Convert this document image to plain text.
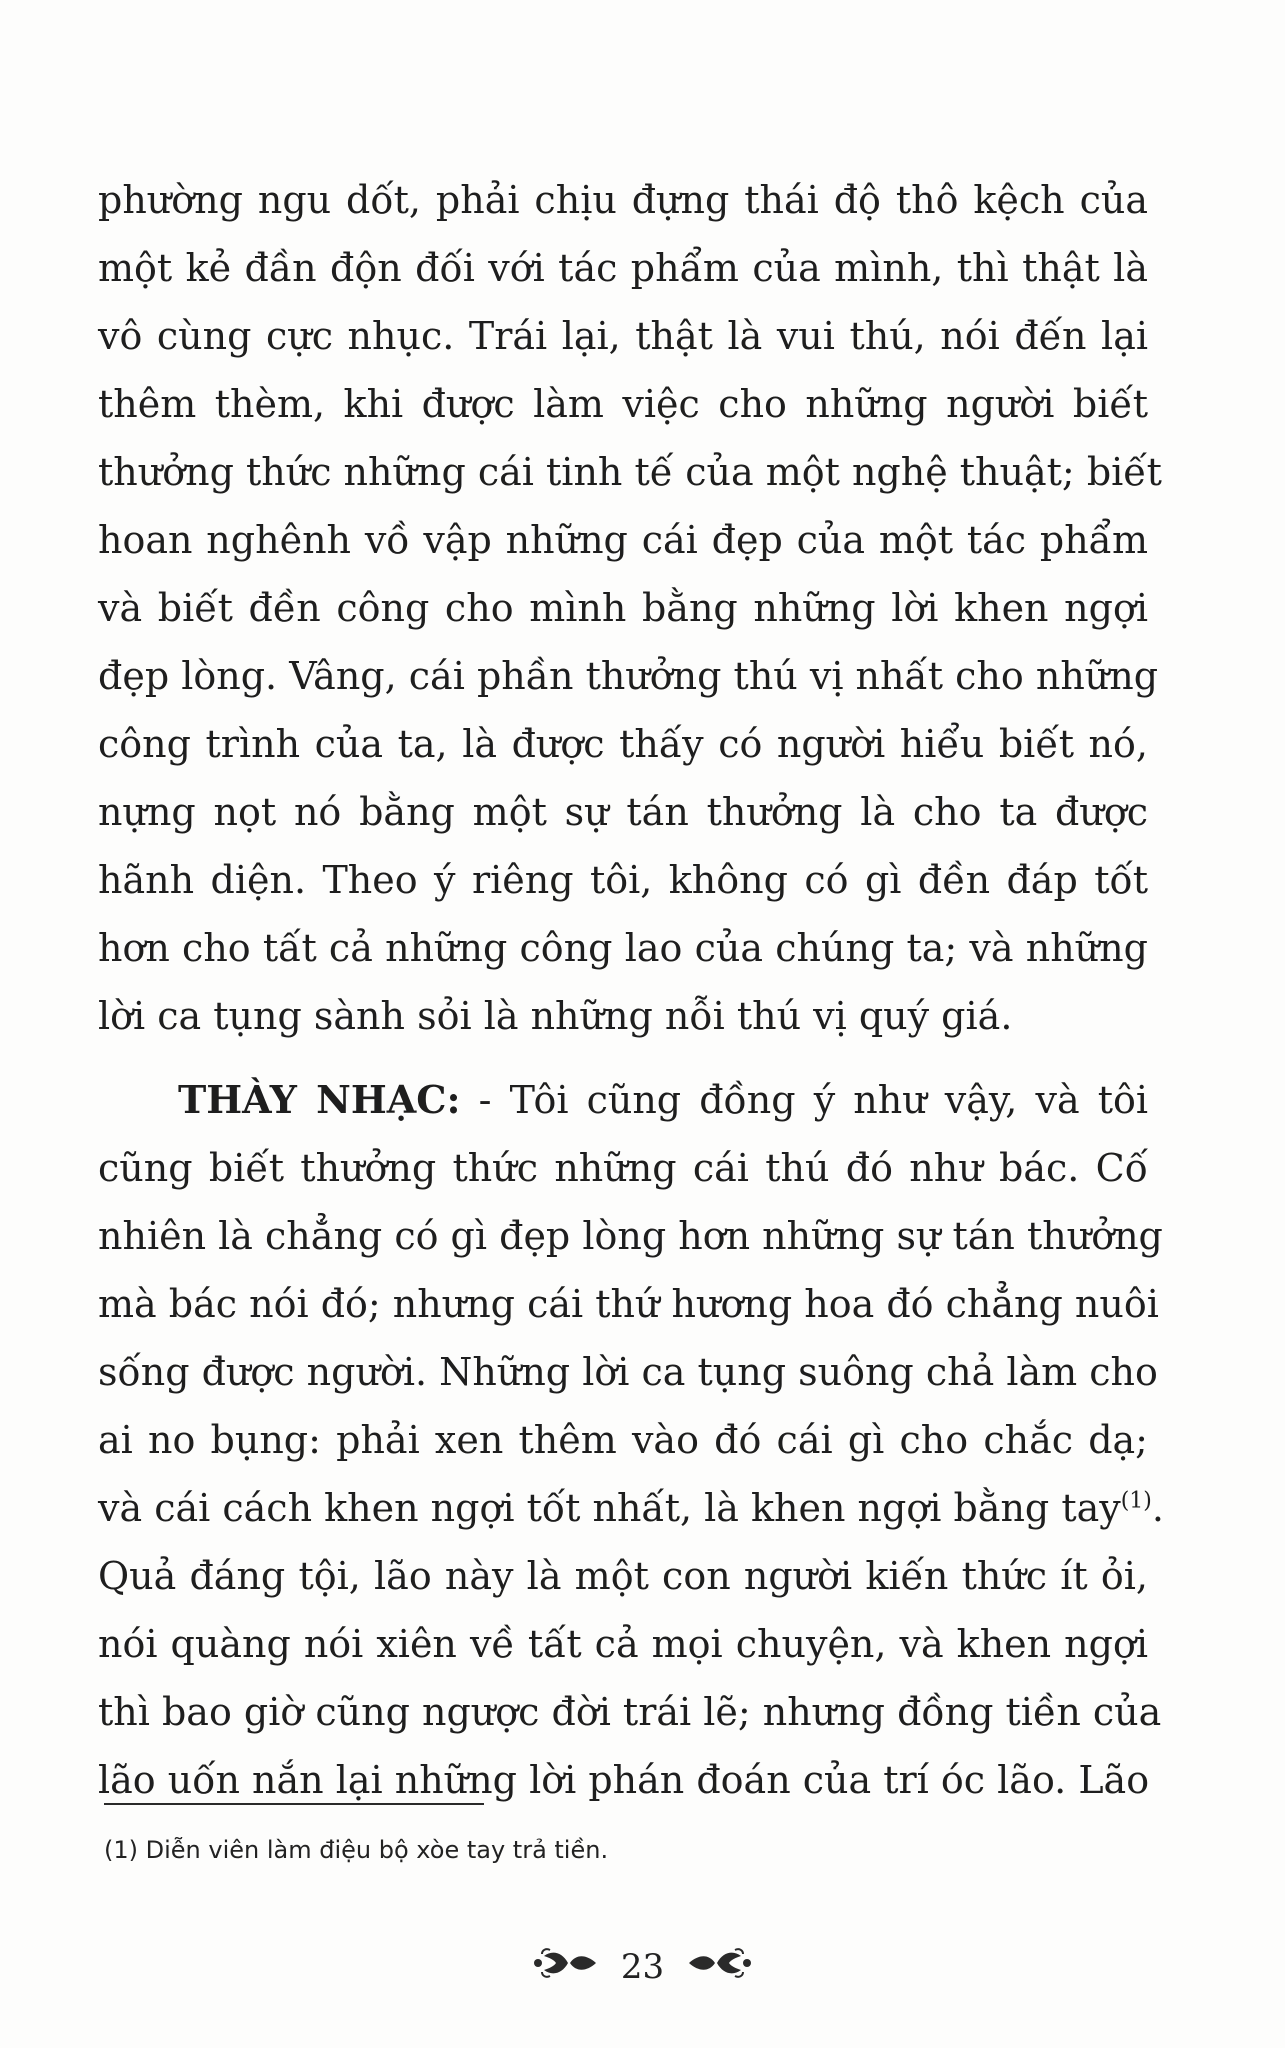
phường ngu dốt, phải chịu đựng thái độ thô kệch của
một kẻ đần độn đối với tác phẩm của mình, thì thật là
vô cùng cực nhục. Trái lại, thật là vui thú, nói đến lại
thêm thèm, khi được làm việc cho những người biết
thưởng thức những cái tinh tế của một nghệ thuật; biết
hoan nghênh vồ vập những cái đẹp của một tác phẩm
và biết đền công cho mình bằng những lời khen ngợi
đẹp lòng. Vâng, cái phần thưởng thú vị nhất cho những
công trình của ta, là được thấy có người hiểu biết nó,
nựng nọt nó bằng một sự tán thưởng là cho ta được
hãnh diện. Theo ý riêng tôi, không có gì đền đáp tốt
hơn cho tất cả những công lao của chúng ta; và những
lời ca tụng sành sỏi là những nỗi thú vị quý giá.
THÀY NHẠC: - Tôi cũng đồng ý như vậy, và tôi
cũng biết thưởng thức những cái thú đó như bác. Cố
nhiên là chẳng có gì đẹp lòng hơn những sự tán thưởng
mà bác nói đó; nhưng cái thứ hương hoa đó chẳng nuôi
sống được người. Những lời ca tụng suông chả làm cho
ai no bụng: phải xen thêm vào đó cái gì cho chắc dạ;
và cái cách khen ngợi tốt nhất, là khen ngợi bằng tay$^{(1)}$.
Quả đáng tội, lão này là một con người kiến thức ít ỏi,
nói quàng nói xiên về tất cả mọi chuyện, và khen ngợi
thì bao giờ cũng ngược đời trái lẽ; nhưng đồng tiền của
lão uốn nắn lại những lời phán đoán của trí óc lão. Lão
(1) Diễn viên làm điệu bộ xòe tay trả tiền.
23
